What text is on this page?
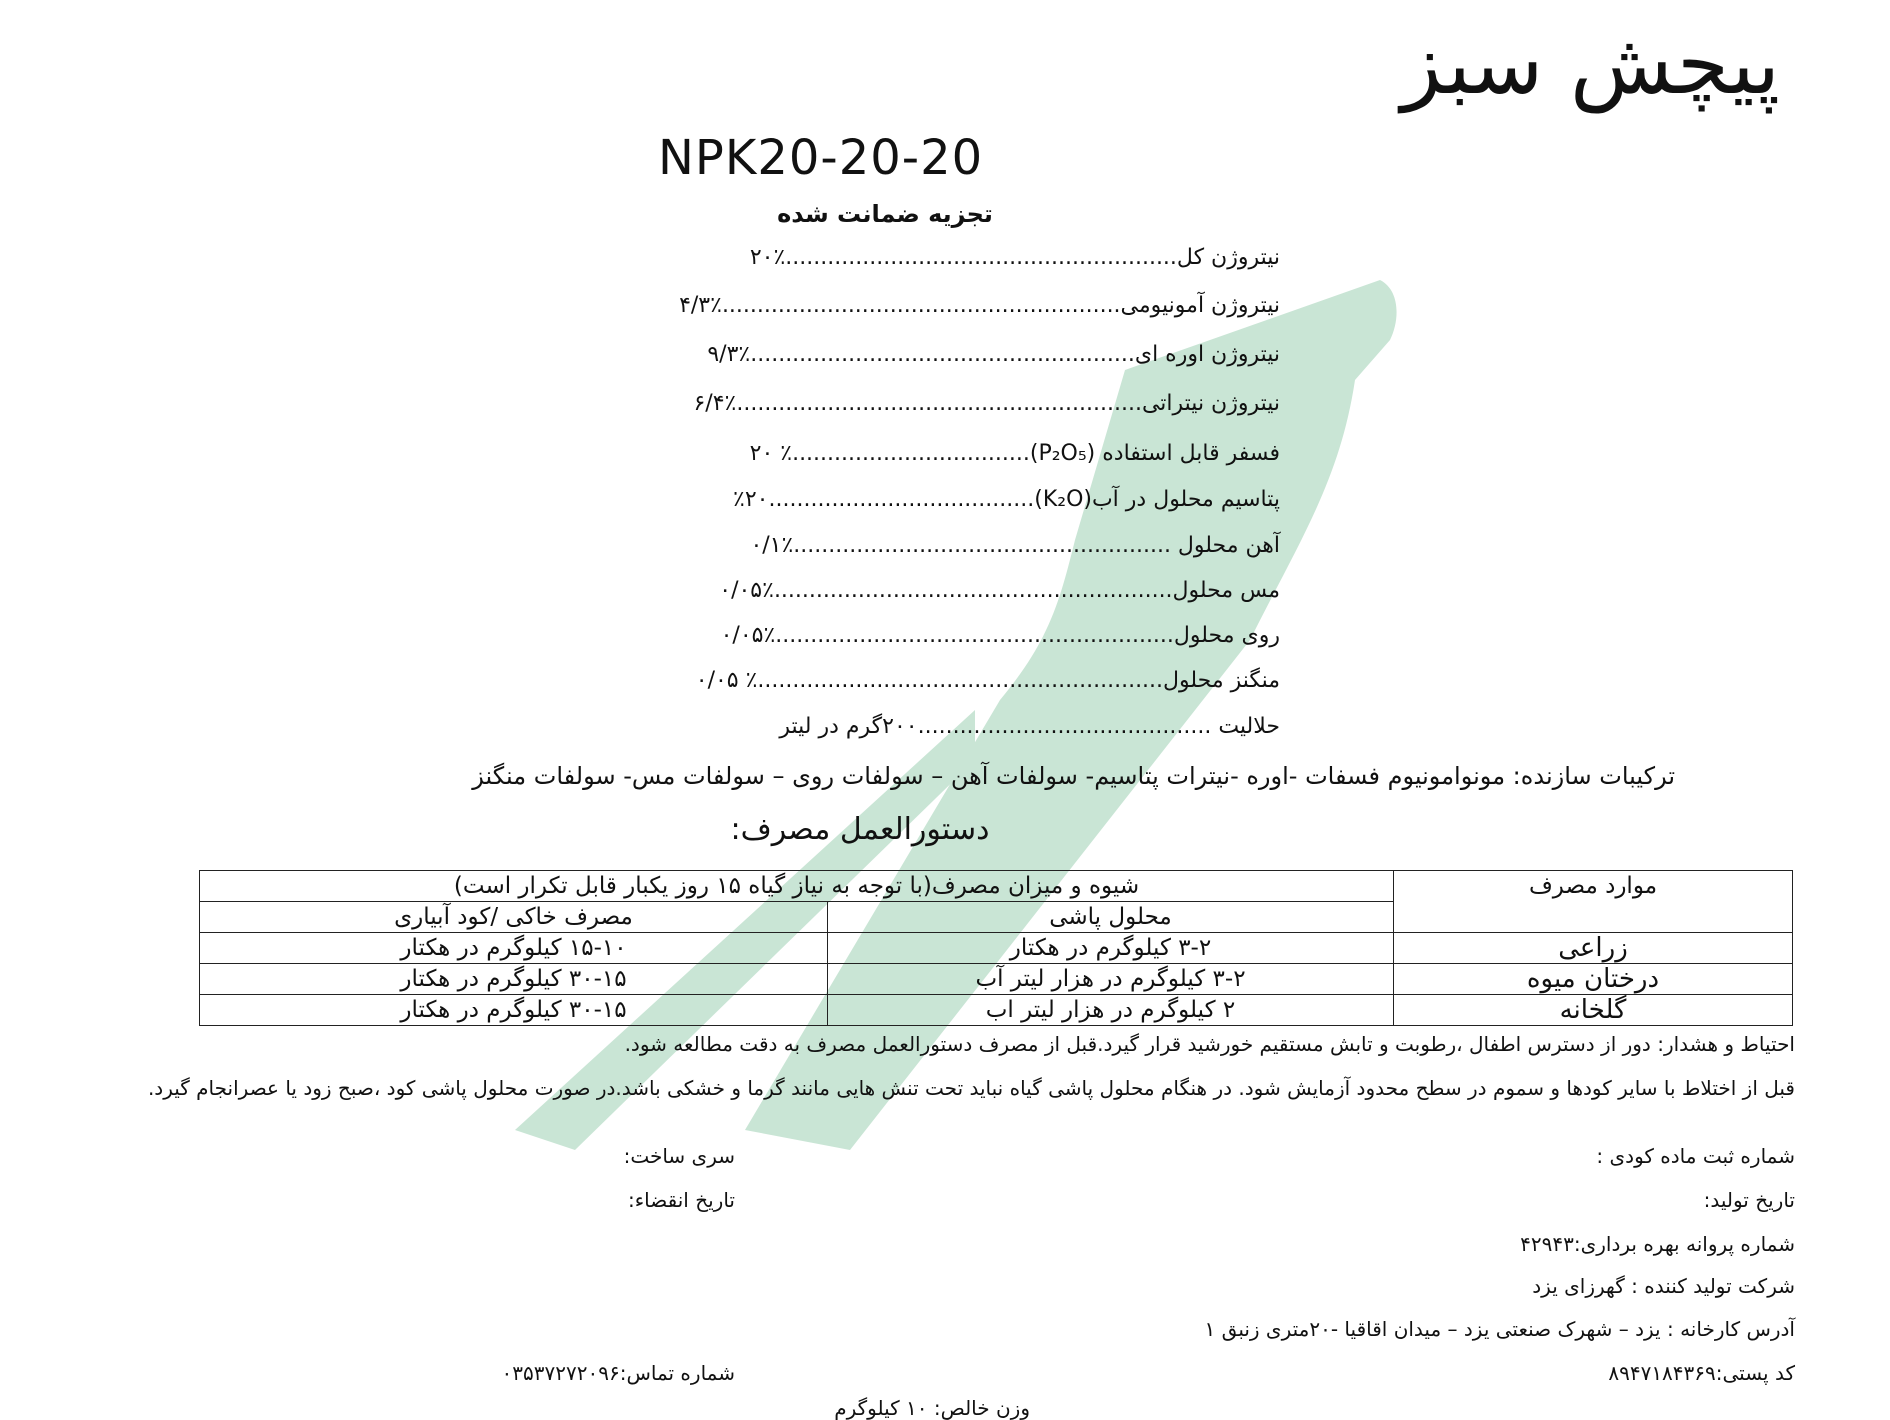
پیچش سبز
NPK20-20-20
تجزیه ضمانت شده
نیتروژن کل........................................................٪۲۰
نیتروژن آمونیومی.........................................................٪۴/۳
نیتروژن اوره ای.......................................................٪۹/۳
نیتروژن نیتراتی..........................................................٪۶/۴
فسفر قابل استفاده (P₂O₅)..................................٪ ۲۰
پتاسیم محلول در آب(K₂O)......................................٪۲۰
آهن محلول ......................................................٪۰/۱
مس محلول.........................................................٪۰/۰۵
روی محلول.........................................................٪۰/۰۵
منگنز محلول..........................................................٪ ۰/۰۵
حلالیت ..........................................۲۰۰گرم در لیتر
ترکیبات سازنده: مونوامونیوم فسفات -اوره -نیترات پتاسیم- سولفات آهن – سولفات روی – سولفات مس- سولفات منگنز
دستورالعمل مصرف:
موارد مصرف	شیوه و میزان مصرف(با توجه به نیاز گیاه ۱۵ روز یکبار قابل تکرار است)	
	محلول پاشی	مصرف خاکی /کود آبیاری
زراعی	۳-۲ کیلوگرم در هکتار	۱۵-۱۰ کیلوگرم در هکتار
درختان میوه	۳-۲ کیلوگرم در هزار لیتر آب	۳۰-۱۵ کیلوگرم در هکتار
گلخانه	۲ کیلوگرم در هزار لیتر اب	۳۰-۱۵ کیلوگرم در هکتار
احتیاط و هشدار: دور از دسترس اطفال ،رطوبت و تابش مستقیم خورشید قرار گیرد.قبل از مصرف دستورالعمل مصرف به دقت مطالعه شود.
قبل از اختلاط با سایر کودها و سموم در سطح محدود آزمایش شود. در هنگام محلول پاشی گیاه نباید تحت تنش هایی مانند گرما و خشکی باشد.در صورت محلول پاشی کود ،صبح زود یا عصرانجام گیرد.
شماره ثبت ماده کودی :
سری ساخت:
تاریخ تولید:
تاریخ انقضاء:
شماره پروانه بهره برداری:۴۲۹۴۳
شرکت تولید کننده : گهرزای یزد
آدرس کارخانه : یزد – شهرک صنعتی یزد – میدان اقاقیا -۲۰متری زنبق ۱
کد پستی:۸۹۴۷۱۸۴۳۶۹
شماره تماس:۰۳۵۳۷۲۷۲۰۹۶
وزن خالص: ۱۰ کیلوگرم
